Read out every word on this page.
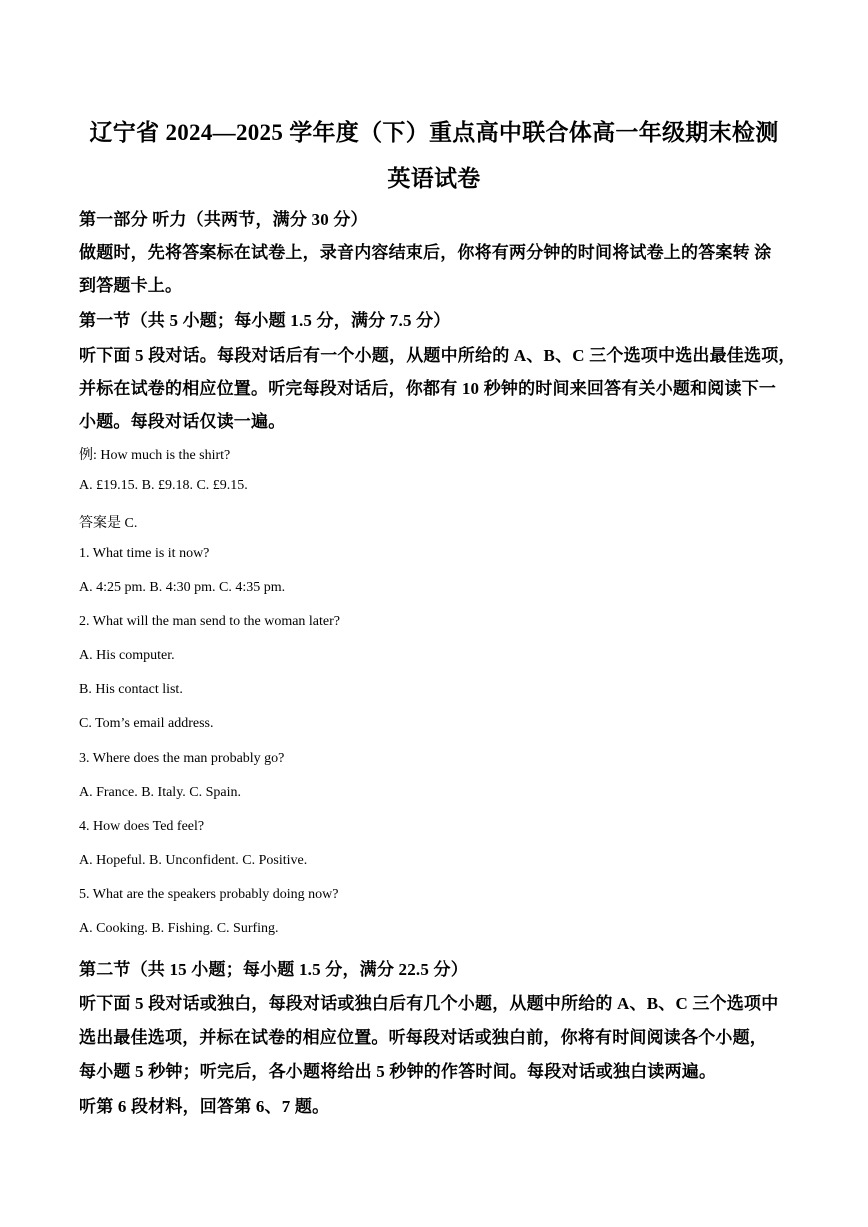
辽宁省 2024—2025 学年度（下）重点高中联合体高一年级期末检测
英语试卷
第一部分 听力（共两节，满分 30 分）
做题时，先将答案标在试卷上，录音内容结束后，你将有两分钟的时间将试卷上的答案转 涂
到答题卡上。
第一节（共 5 小题；每小题 1.5 分，满分 7.5 分）
听下面 5 段对话。每段对话后有一个小题，从题中所给的 A、B、C 三个选项中选出最佳选项，
并标在试卷的相应位置。听完每段对话后，你都有 10 秒钟的时间来回答有关小题和阅读下一
小题。每段对话仅读一遍。
例: How much is the shirt?
A. £19.15. B. £9.18. C. £9.15.
答案是 C.
1. What time is it now?
A. 4:25 pm. B. 4:30 pm. C. 4:35 pm.
2. What will the man send to the woman later?
A. His computer.
B. His contact list.
C. Tom’s email address.
3. Where does the man probably go?
A. France. B. Italy. C. Spain.
4. How does Ted feel?
A. Hopeful. B. Unconfident. C. Positive.
5. What are the speakers probably doing now?
A. Cooking. B. Fishing. C. Surfing.
第二节（共 15 小题；每小题 1.5 分，满分 22.5 分）
听下面 5 段对话或独白，每段对话或独白后有几个小题，从题中所给的 A、B、C 三个选项中
选出最佳选项，并标在试卷的相应位置。听每段对话或独白前，你将有时间阅读各个小题，
每小题 5 秒钟；听完后，各小题将给出 5 秒钟的作答时间。每段对话或独白读两遍。
听第 6 段材料，回答第 6、7 题。
